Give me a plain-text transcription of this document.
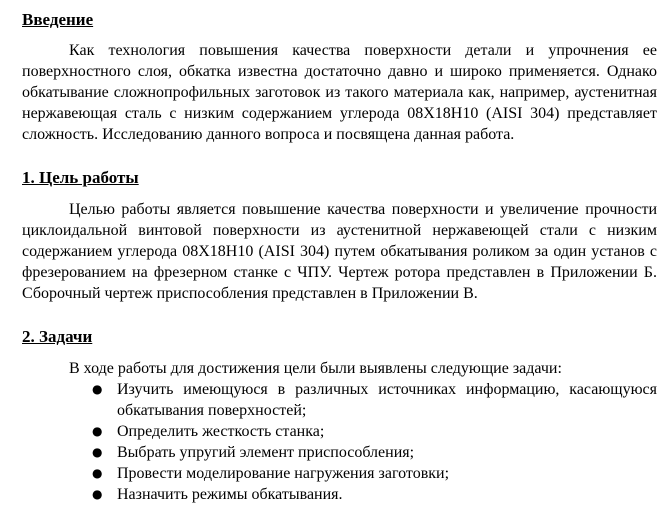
Введение

Как технология повышения качества поверхности детали и упрочнения ее поверхностного слоя, обкатка известна достаточно давно и широко применяется. Однако обкатывание сложнопрофильных заготовок из такого материала как, например, аустенитная нержавеющая сталь с низким содержанием углерода 08Х18Н10 (AISI 304) представляет сложность. Исследованию данного вопроса и посвящена данная работа.

1. Цель работы

Целью работы является повышение качества поверхности и увеличение прочности циклоидальной винтовой поверхности из аустенитной нержавеющей стали с низким содержанием углерода 08Х18Н10 (AISI 304) путем обкатывания роликом за один установ с фрезерованием на фрезерном станке с ЧПУ. Чертеж ротора представлен в Приложении Б. Сборочный чертеж приспособления представлен в Приложении В.

2. Задачи

В ходе работы для достижения цели были выявлены следующие задачи:

● Изучить имеющуюся в различных источниках информацию, касающуюся обкатывания поверхностей;
● Определить жесткость станка;
● Выбрать упругий элемент приспособления;
● Провести моделирование нагружения заготовки;
● Назначить режимы обкатывания.
